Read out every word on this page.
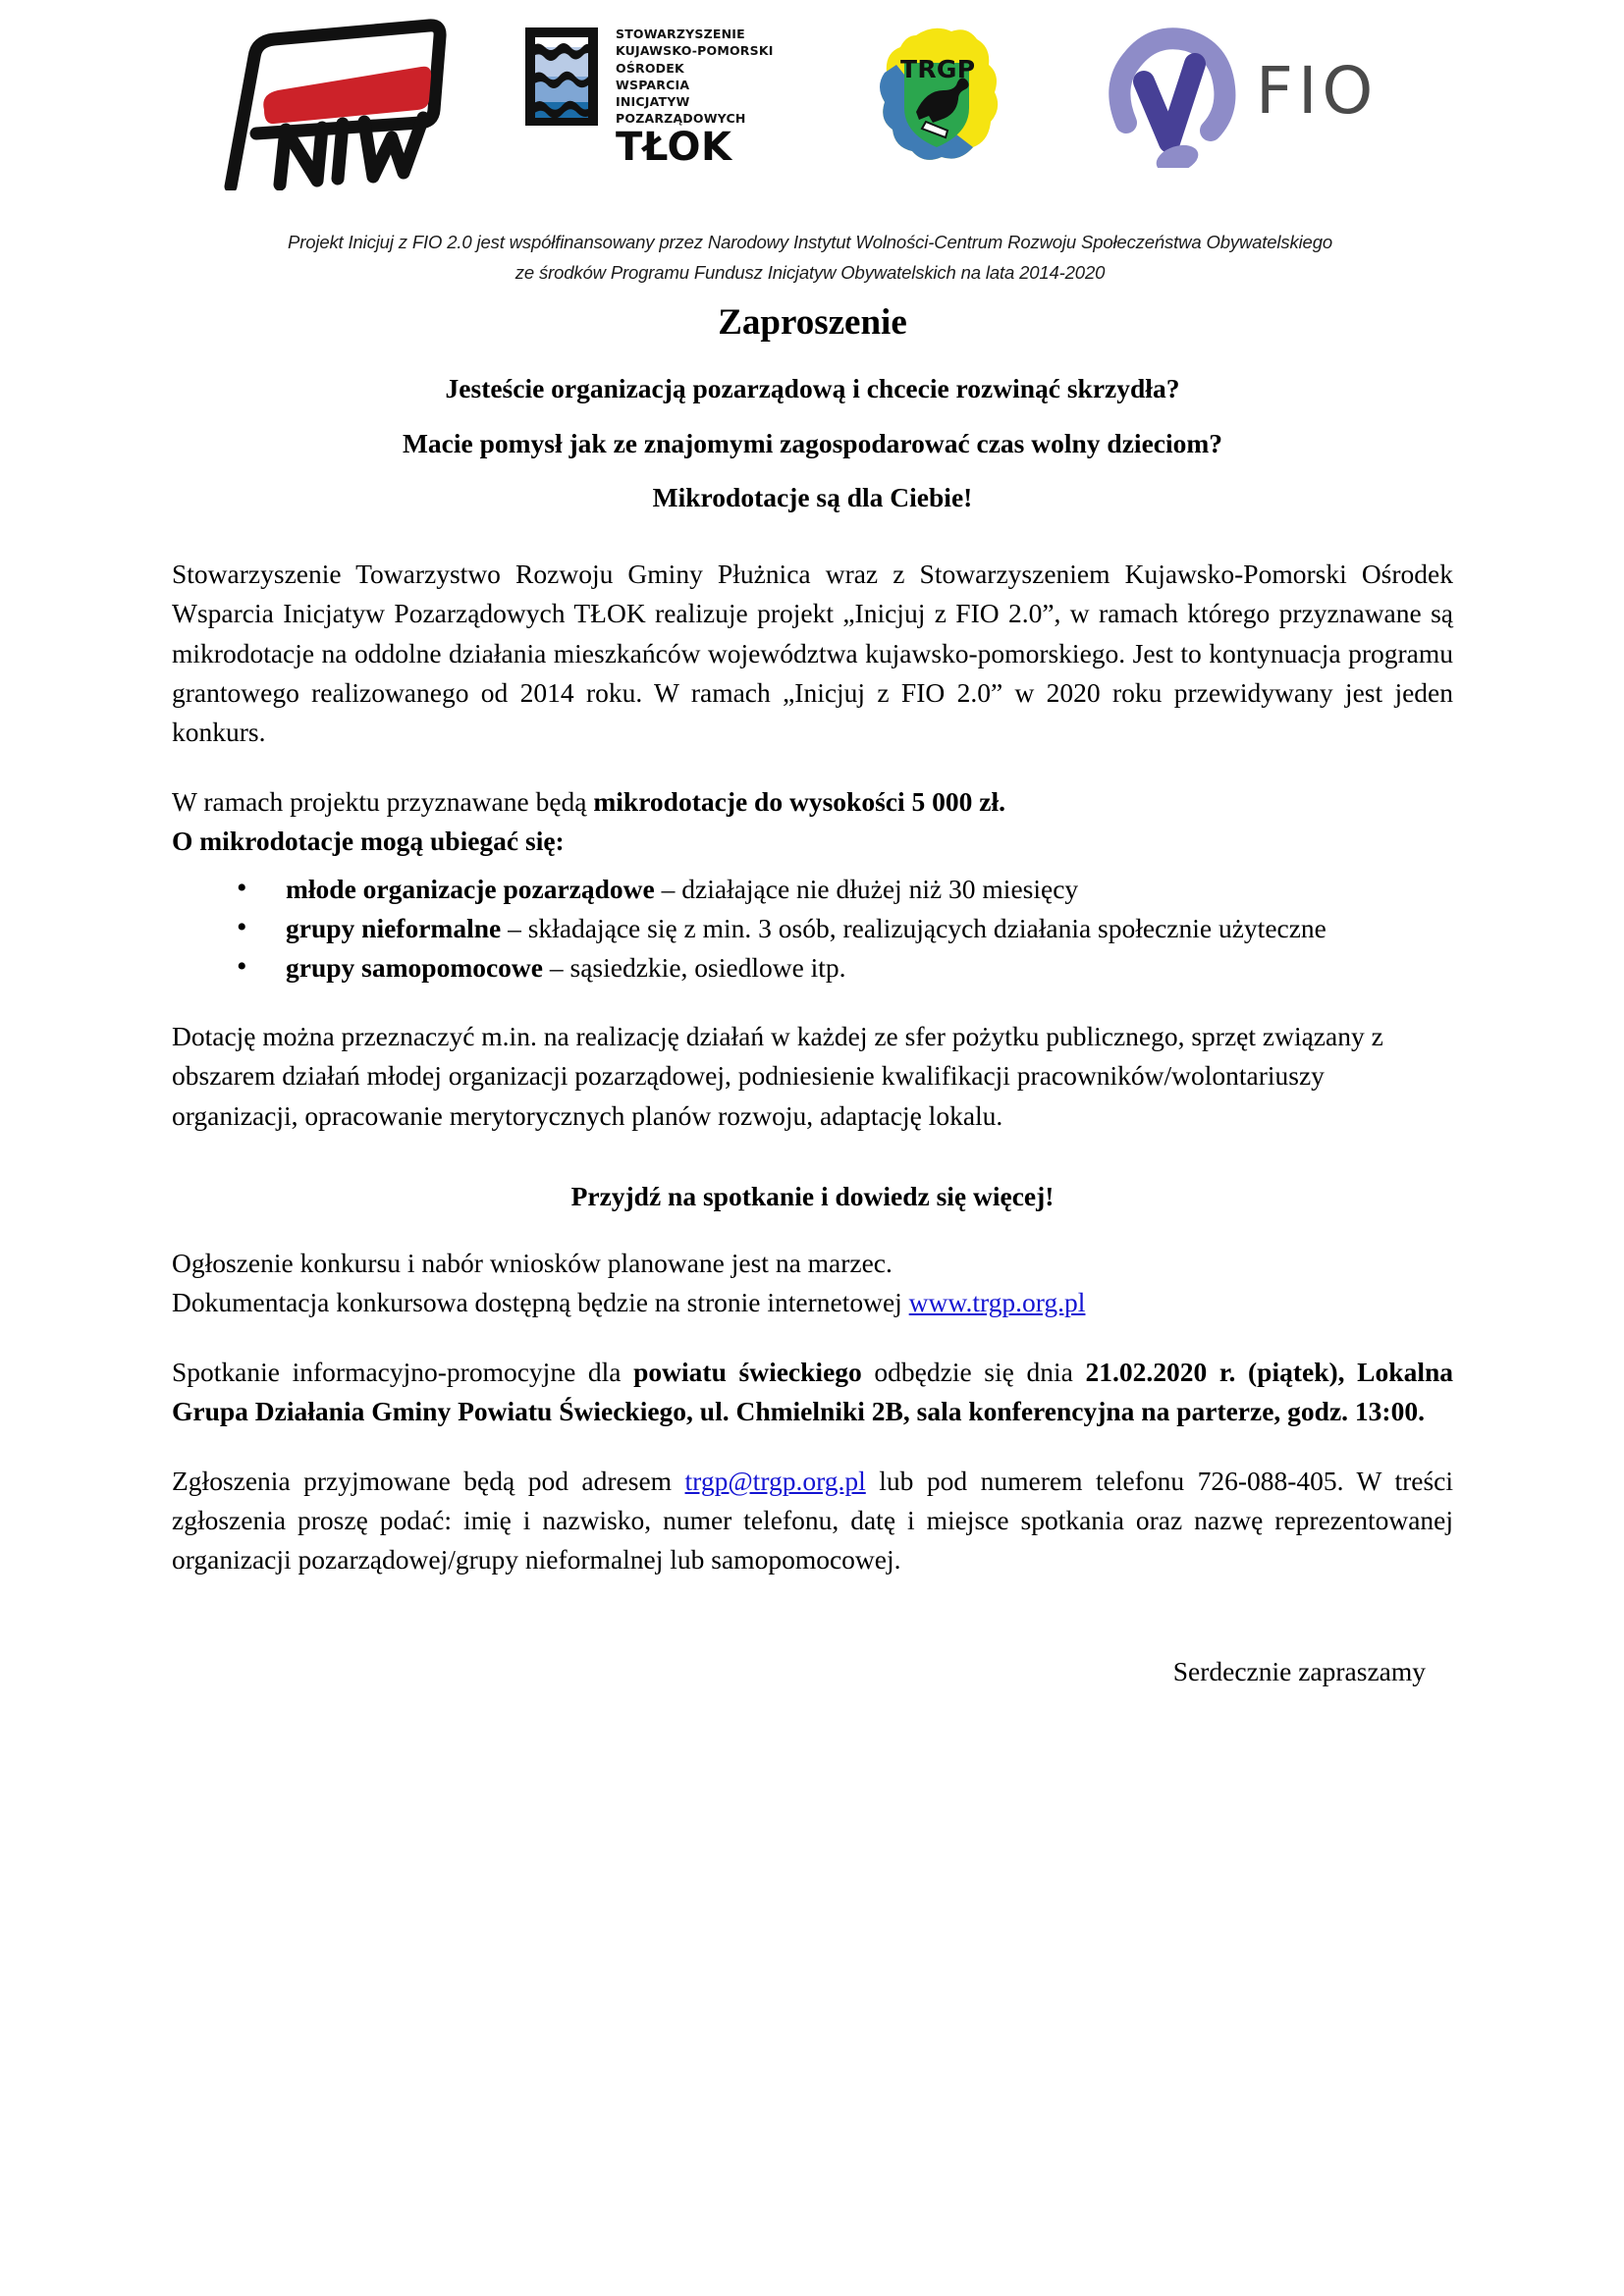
STOWARZYSZENIE
KUJAWSKO-POMORSKI
OŚRODEK
WSPARCIA
INICJATYW
POZARZĄDOWYCH
TŁOK
TRGP	FIO
Projekt Inicjuj z FIO 2.0 jest współfinansowany przez Narodowy Instytut Wolności-Centrum Rozwoju Społeczeństwa Obywatelskiego
ze środków Programu Fundusz Inicjatyw Obywatelskich na lata 2014-2020
Zaproszenie

Jesteście organizacją pozarządową i chcecie rozwinąć skrzydła?

Macie pomysł jak ze znajomymi zagospodarować czas wolny dzieciom?

Mikrodotacje są dla Ciebie!

Stowarzyszenie Towarzystwo Rozwoju Gminy Płużnica wraz z Stowarzyszeniem Kujawsko-Pomorski Ośrodek Wsparcia Inicjatyw Pozarządowych TŁOK realizuje projekt „Inicjuj z FIO 2.0”, w ramach którego przyznawane są mikrodotacje na oddolne działania mieszkańców województwa kujawsko-pomorskiego. Jest to kontynuacja programu grantowego realizowanego od 2014 roku. W ramach „Inicjuj z FIO 2.0” w 2020 roku przewidywany jest jeden konkurs.

W ramach projektu przyznawane będą mikrodotacje do wysokości 5 000 zł.

O mikrodotacje mogą ubiegać się:

• młode organizacje pozarządowe – działające nie dłużej niż 30 miesięcy
• grupy nieformalne – składające się z min. 3 osób, realizujących działania społecznie użyteczne
• grupy samopomocowe – sąsiedzkie, osiedlowe itp.

Dotację można przeznaczyć m.in. na realizację działań w każdej ze sfer pożytku publicznego, sprzęt związany z obszarem działań młodej organizacji pozarządowej, podniesienie kwalifikacji pracowników/wolontariuszy organizacji, opracowanie merytorycznych planów rozwoju, adaptację lokalu.

Przyjdź na spotkanie i dowiedz się więcej!

Ogłoszenie konkursu i nabór wniosków planowane jest na marzec.

Dokumentacja konkursowa dostępną będzie na stronie internetowej www.trgp.org.pl

Spotkanie informacyjno-promocyjne dla powiatu świeckiego odbędzie się dnia 21.02.2020 r. (piątek), Lokalna Grupa Działania Gminy Powiatu Świeckiego, ul. Chmielniki 2B, sala konferencyjna na parterze, godz. 13:00.

Zgłoszenia przyjmowane będą pod adresem trgp@trgp.org.pl lub pod numerem telefonu 726-088-405. W treści zgłoszenia proszę podać: imię i nazwisko, numer telefonu, datę i miejsce spotkania oraz nazwę reprezentowanej organizacji pozarządowej/grupy nieformalnej lub samopomocowej.

Serdecznie zapraszamy
